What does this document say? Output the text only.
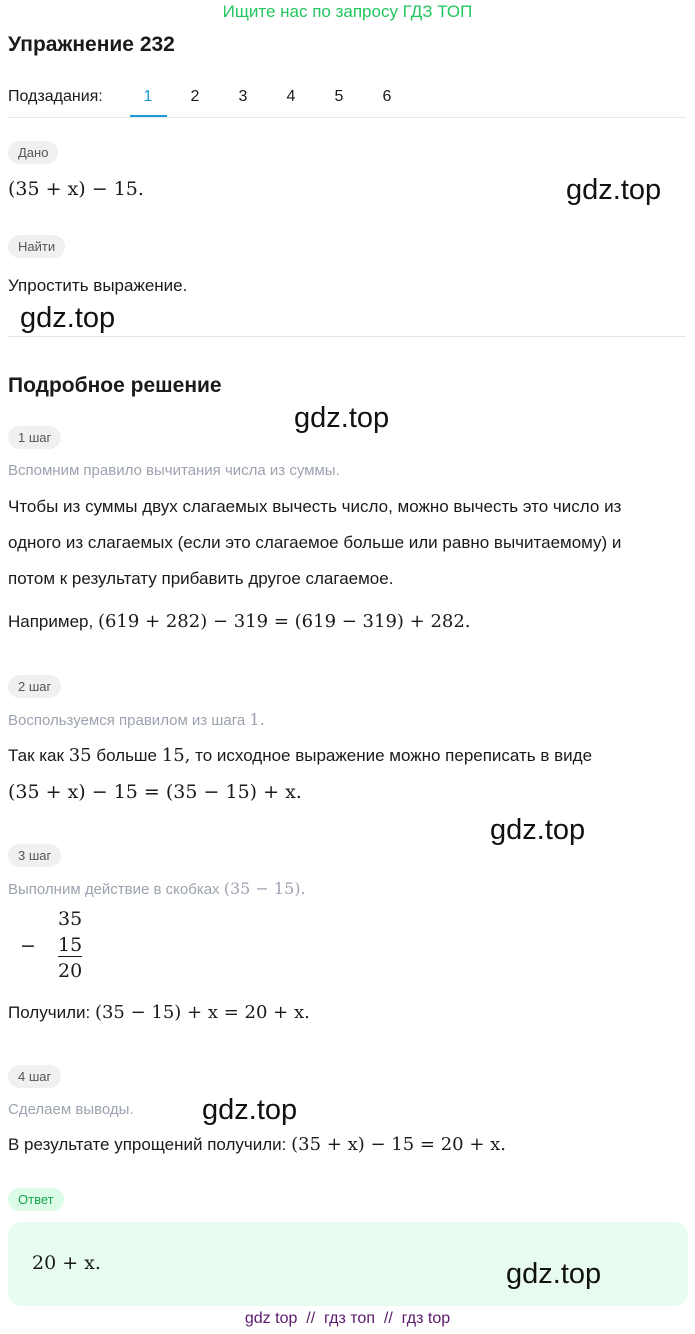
Ищите нас по запросу ГДЗ ТОП
Упражнение 232
Подзадания:	1	2	3	4	5	6
Дано
(35 + x) − 15.	gdz.top
Найти
Упростить выражение.
gdz.top
Подробное решение
gdz.top
1 шаг
Вспомним правило вычитания числа из суммы.
Чтобы из суммы двух слагаемых вычесть число, можно вычесть это число из
одного из слагаемых (если это слагаемое больше или равно вычитаемому) и
потом к результату прибавить другое слагаемое.
Например, (619 + 282) − 319 = (619 − 319) + 282.
2 шаг
Воспользуемся правилом из шага 1.
Так как 35 больше 15, то исходное выражение можно переписать в виде
(35 + x) − 15 = (35 − 15) + x.
gdz.top
3 шаг
Выполним действие в скобках (35 − 15).
−
35
15
20
Получили: (35 − 15) + x = 20 + x.
4 шаг
Сделаем выводы. gdz.top
В результате упрощений получили: (35 + x) − 15 = 20 + x.
Ответ
20 + x.	gdz.top
gdz top  //  гдз топ  //  гдз top
